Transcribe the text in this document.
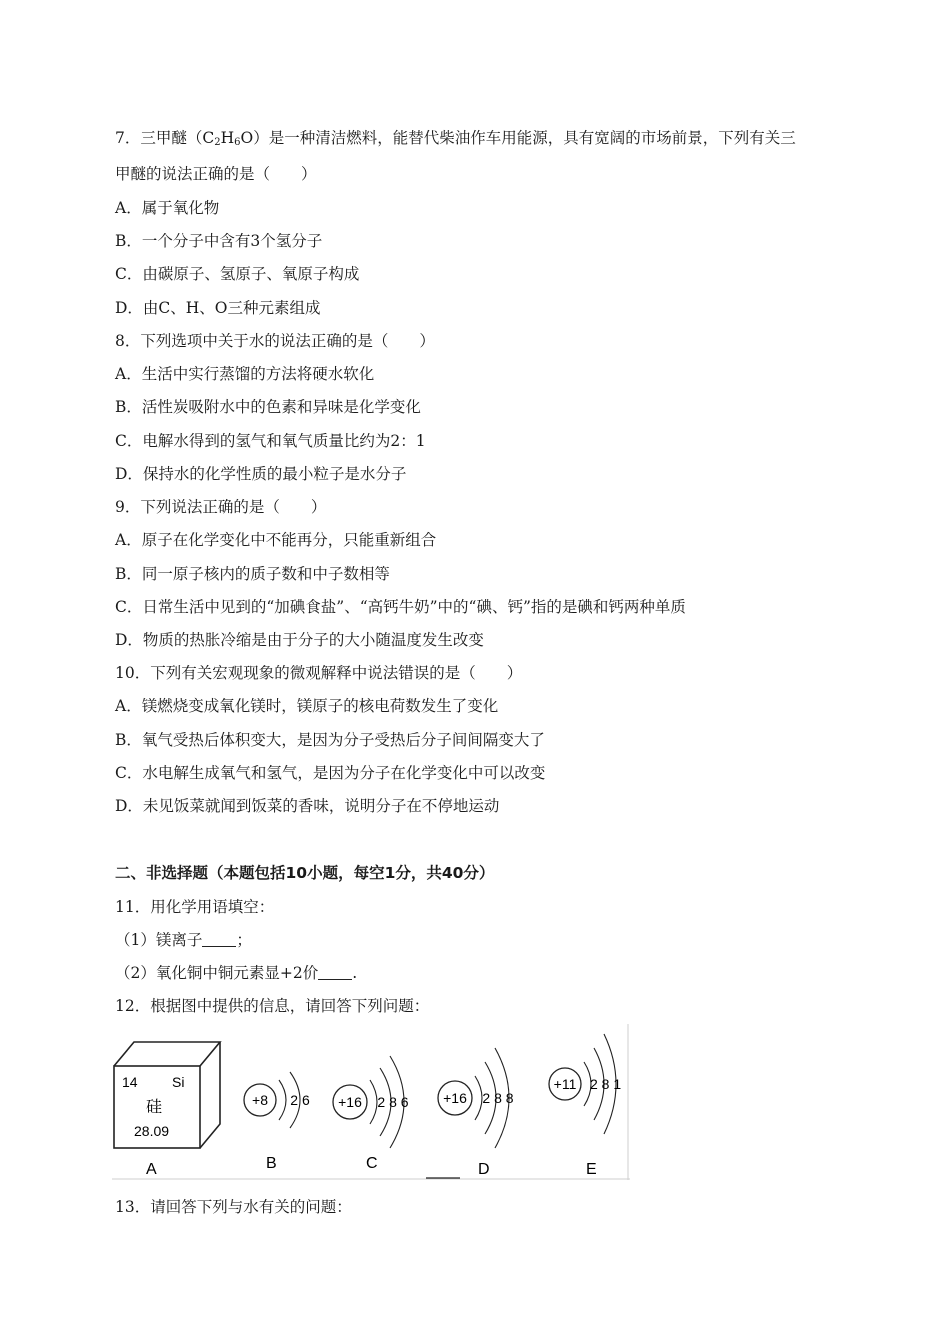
7．三甲醚$(C_2H_6O)$是一种清洁燃料，能替代柴油作车用能源，具有宽阔的市场前景，下列有关三
甲醚的说法正确的是（　　）
A．属于氧化物
B．一个分子中含有3个氢分子
C．由碳原子、氢原子、氧原子构成
D．由C、H、O三种元素组成
8．下列选项中关于水的说法正确的是（　　）
A．生活中实行蒸馏的方法将硬水软化
B．活性炭吸附水中的色素和异味是化学变化
C．电解水得到的氢气和氧气质量比约为2：1
D．保持水的化学性质的最小粒子是水分子
9．下列说法正确的是（　　）
A．原子在化学变化中不能再分，只能重新组合
B．同一原子核内的质子数和中子数相等
C．日常生活中见到的“加碘食盐”、“高钙牛奶”中的“碘、钙”指的是碘和钙两种单质
D．物质的热胀冷缩是由于分子的大小随温度发生改变
10．下列有关宏观现象的微观解释中说法错误的是（　　）
A．镁燃烧变成氧化镁时，镁原子的核电荷数发生了变化
B．氧气受热后体积变大，是因为分子受热后分子间间隔变大了
C．水电解生成氧气和氢气，是因为分子在化学变化中可以改变
D．未见饭菜就闻到饭菜的香味，说明分子在不停地运动
二、非选择题（本题包括10小题，每空1分，共40分）
11．用化学用语填空：
（1）镁离子 ；
（2）氧化铜中铜元素显+2价 .
12．根据图中提供的信息，请回答下列问题：
14 Si
硅
28.09
A
+8 2 6
B
+16 2 8 6
C
+16 2 8 8
D
+11 2 8 1
E
13．请回答下列与水有关的问题：
